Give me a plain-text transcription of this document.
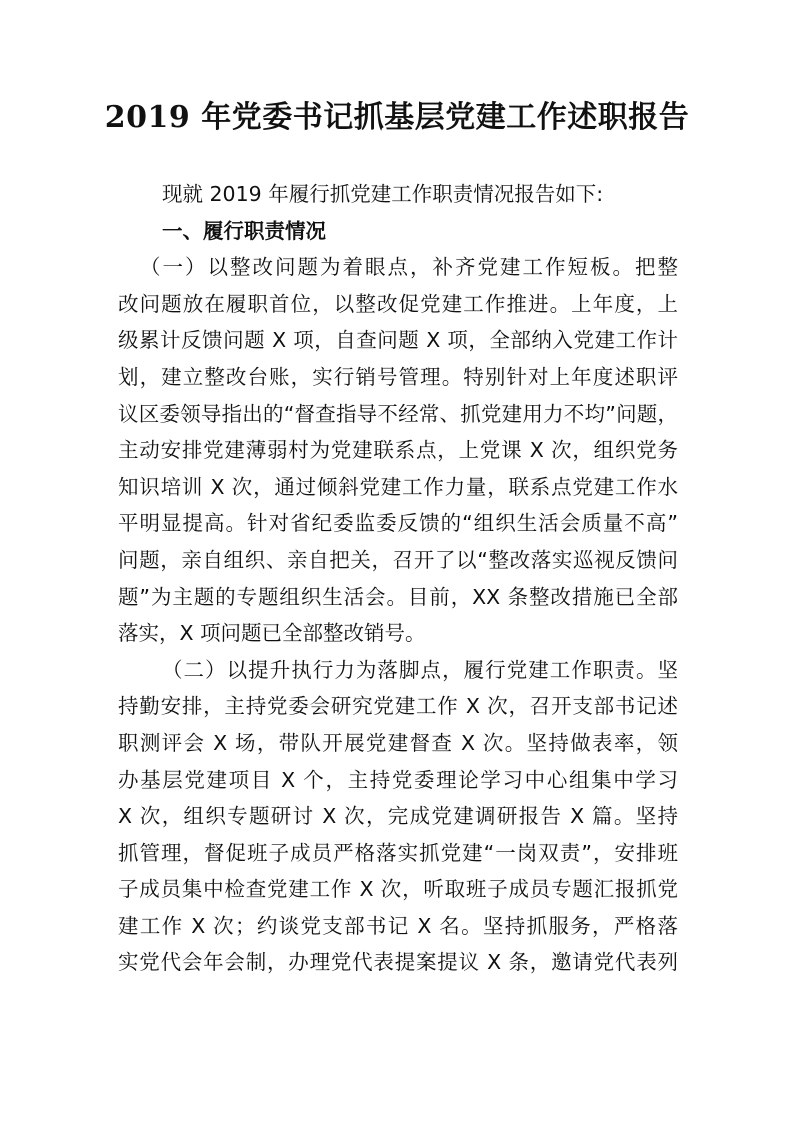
2019 年党委书记抓基层党建工作述职报告
现就 2019 年履行抓党建工作职责情况报告如下:
一、履行职责情况
（一）以整改问题为着眼点，补齐党建工作短板。把整
改问题放在履职首位，以整改促党建工作推进。上年度，上
级累计反馈问题 X 项，自查问题 X 项，全部纳入党建工作计
划，建立整改台账，实行销号管理。特别针对上年度述职评
议区委领导指出的“督查指导不经常、抓党建用力不均”问题，
主动安排党建薄弱村为党建联系点，上党课 X 次，组织党务
知识培训 X 次，通过倾斜党建工作力量，联系点党建工作水
平明显提高。针对省纪委监委反馈的“组织生活会质量不高”
问题，亲自组织、亲自把关，召开了以“整改落实巡视反馈问
题”为主题的专题组织生活会。目前，XX 条整改措施已全部
落实，X 项问题已全部整改销号。
（二）以提升执行力为落脚点，履行党建工作职责。坚
持勤安排，主持党委会研究党建工作 X 次，召开支部书记述
职测评会 X 场，带队开展党建督查 X 次。坚持做表率，领
办基层党建项目 X 个，主持党委理论学习中心组集中学习
X 次，组织专题研讨 X 次，完成党建调研报告 X 篇。坚持
抓管理，督促班子成员严格落实抓党建“一岗双责”，安排班
子成员集中检查党建工作 X 次，听取班子成员专题汇报抓党
建工作 X 次；约谈党支部书记 X 名。坚持抓服务，严格落
实党代会年会制，办理党代表提案提议 X 条，邀请党代表列
